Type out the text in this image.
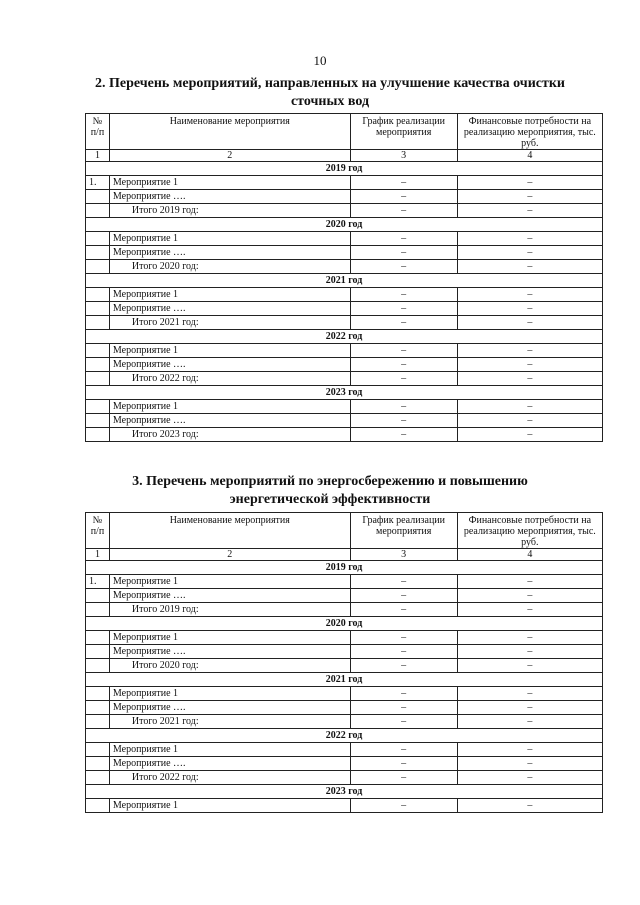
10
2. Перечень мероприятий, направленных на улучшение качества очистки
сточных вод
№ п/п	Наименование мероприятия	График реализации мероприятия	Финансовые потребности на реализацию мероприятия, тыс. руб.
1	2	3	4
2019 год			
1.	Мероприятие 1	–	–
	Мероприятие ….	–	–
	Итого 2019 год:	–	–
2020 год			
	Мероприятие 1	–	–
	Мероприятие ….	–	–
	Итого 2020 год:	–	–
2021 год			
	Мероприятие 1	–	–
	Мероприятие ….	–	–
	Итого 2021 год:	–	–
2022 год			
	Мероприятие 1	–	–
	Мероприятие ….	–	–
	Итого 2022 год:	–	–
2023 год			
	Мероприятие 1	–	–
	Мероприятие ….	–	–
	Итого 2023 год:	–	–
3. Перечень мероприятий по энергосбережению и повышению
энергетической эффективности
№ п/п	Наименование мероприятия	График реализации мероприятия	Финансовые потребности на реализацию мероприятия, тыс. руб.
1	2	3	4
2019 год			
1.	Мероприятие 1	–	–
	Мероприятие ….	–	–
	Итого 2019 год:	–	–
2020 год			
	Мероприятие 1	–	–
	Мероприятие ….	–	–
	Итого 2020 год:	–	–
2021 год			
	Мероприятие 1	–	–
	Мероприятие ….	–	–
	Итого 2021 год:	–	–
2022 год			
	Мероприятие 1	–	–
	Мероприятие ….	–	–
	Итого 2022 год:	–	–
2023 год			
	Мероприятие 1	–	–
